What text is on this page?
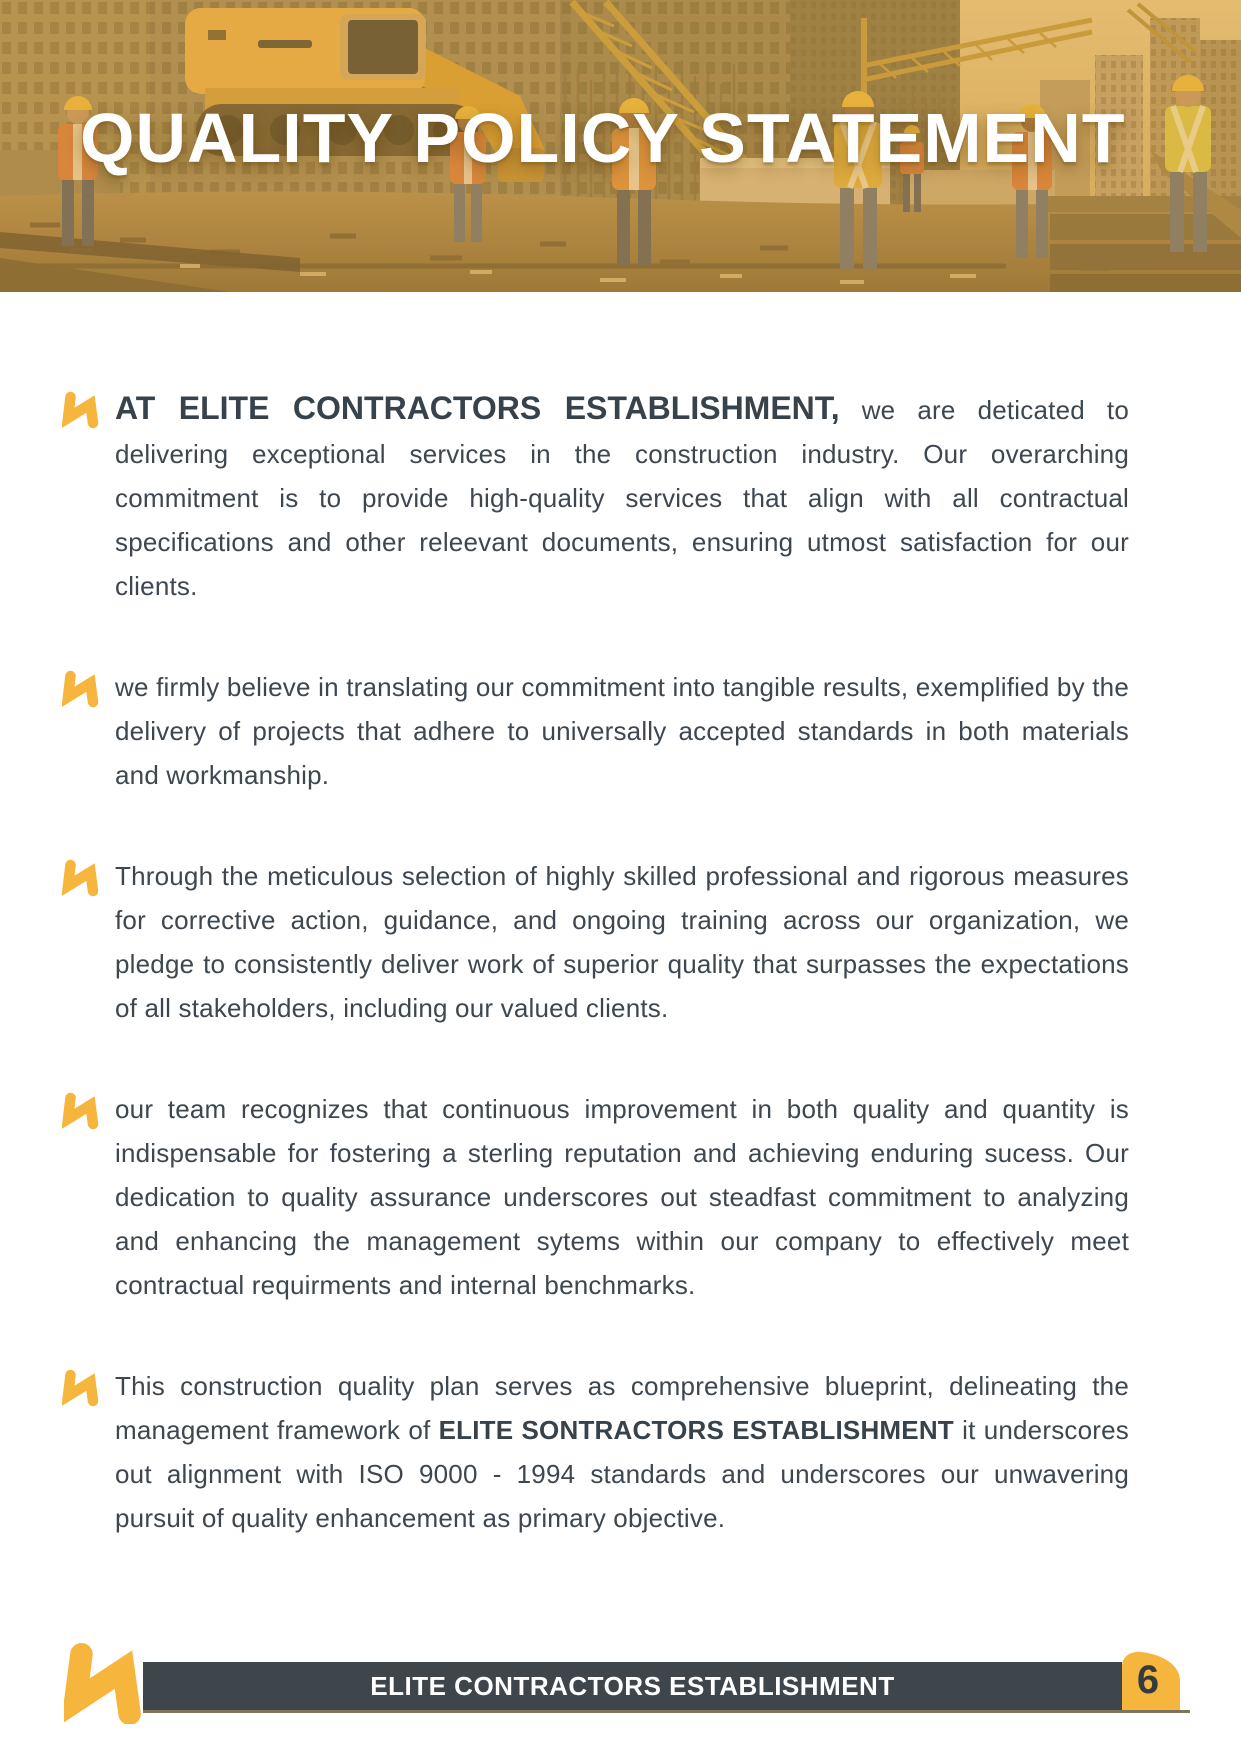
QUALITY POLICY STATEMENT
AT ELITE CONTRACTORS ESTABLISHMENT, we are deticated to delivering exceptional services in the construction industry. Our overarching commitment is to provide high-quality services that align with all contractual specifications and other releevant documents, ensuring utmost satisfaction for our clients.
we firmly believe in translating our commitment into tangible results, exemplified by the delivery of projects that adhere to universally accepted standards in both materials and workmanship.
Through the meticulous selection of highly skilled professional and rigorous measures for corrective action, guidance, and ongoing training across our organization, we pledge to consistently deliver work of superior quality that surpasses the expectations of all stakeholders, including our valued clients.
our team recognizes that continuous improvement in both quality and quantity is indispensable for fostering a sterling reputation and achieving enduring sucess. Our dedication to quality assurance underscores out steadfast commitment to analyzing and enhancing the management sytems within our company to effectively meet contractual requirments and internal benchmarks.
This construction quality plan serves as comprehensive blueprint, delineating the management framework of ELITE SONTRACTORS ESTABLISHMENT it underscores out alignment with ISO 9000 - 1994 standards and underscores our unwavering pursuit of quality enhancement as primary objective.
ELITE CONTRACTORS ESTABLISHMENT	6
